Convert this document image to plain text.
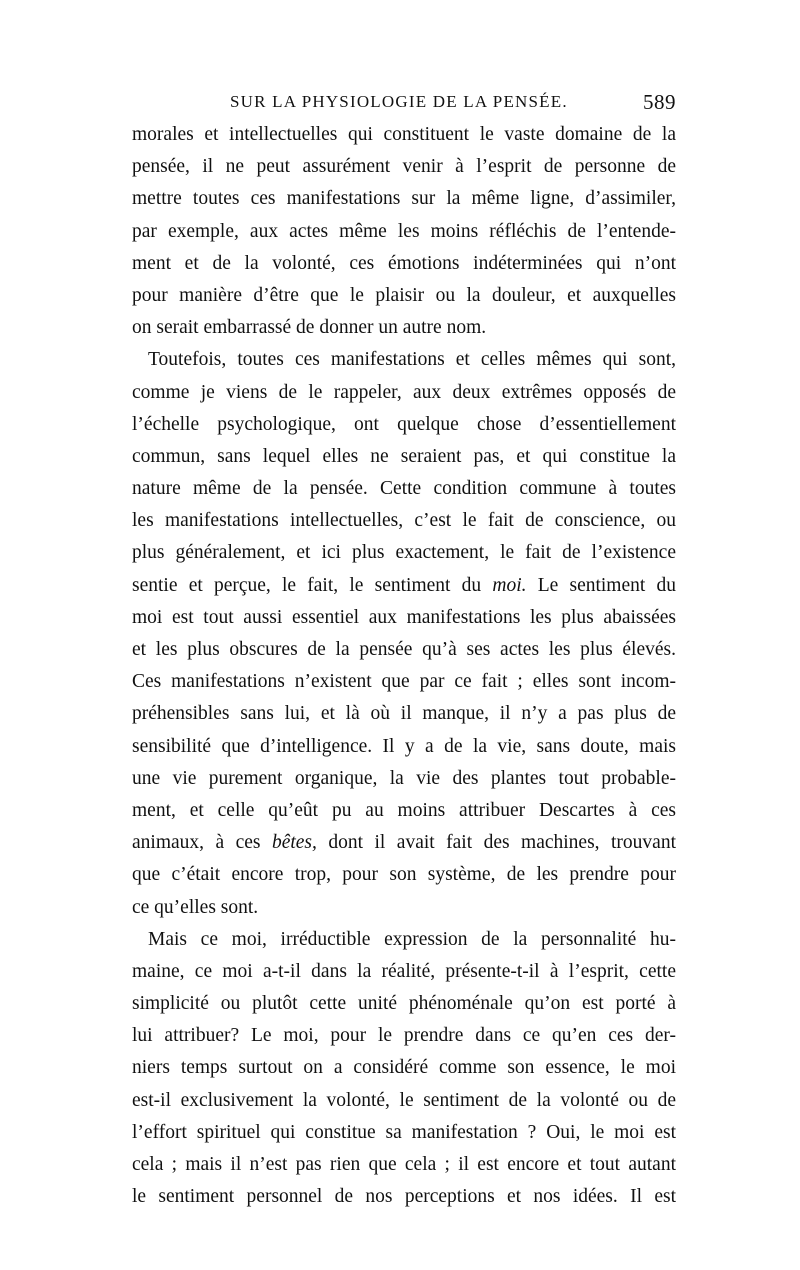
SUR LA PHYSIOLOGIE DE LA PENSÉE.	589
morales et intellectuelles qui constituent le vaste domaine de la
pensée, il ne peut assurément venir à l’esprit de personne de
mettre toutes ces manifestations sur la même ligne, d’assimiler,
par exemple, aux actes même les moins réfléchis de l’entende-
ment et de la volonté, ces émotions indéterminées qui n’ont
pour manière d’être que le plaisir ou la douleur, et auxquelles
on serait embarrassé de donner un autre nom.
Toutefois, toutes ces manifestations et celles mêmes qui sont,
comme je viens de le rappeler, aux deux extrêmes opposés de
l’échelle psychologique, ont quelque chose d’essentiellement
commun, sans lequel elles ne seraient pas, et qui constitue la
nature même de la pensée. Cette condition commune à toutes
les manifestations intellectuelles, c’est le fait de conscience, ou
plus généralement, et ici plus exactement, le fait de l’existence
sentie et perçue, le fait, le sentiment du moi. Le sentiment du
moi est tout aussi essentiel aux manifestations les plus abaissées
et les plus obscures de la pensée qu’à ses actes les plus élevés.
Ces manifestations n’existent que par ce fait ; elles sont incom-
préhensibles sans lui, et là où il manque, il n’y a pas plus de
sensibilité que d’intelligence. Il y a de la vie, sans doute, mais
une vie purement organique, la vie des plantes tout probable-
ment, et celle qu’eût pu au moins attribuer Descartes à ces
animaux, à ces bêtes, dont il avait fait des machines, trouvant
que c’était encore trop, pour son système, de les prendre pour
ce qu’elles sont.
Mais ce moi, irréductible expression de la personnalité hu-
maine, ce moi a-t-il dans la réalité, présente-t-il à l’esprit, cette
simplicité ou plutôt cette unité phénoménale qu’on est porté à
lui attribuer? Le moi, pour le prendre dans ce qu’en ces der-
niers temps surtout on a considéré comme son essence, le moi
est-il exclusivement la volonté, le sentiment de la volonté ou de
l’effort spirituel qui constitue sa manifestation ? Oui, le moi est
cela ; mais il n’est pas rien que cela ; il est encore et tout autant
le sentiment personnel de nos perceptions et nos idées. Il est
